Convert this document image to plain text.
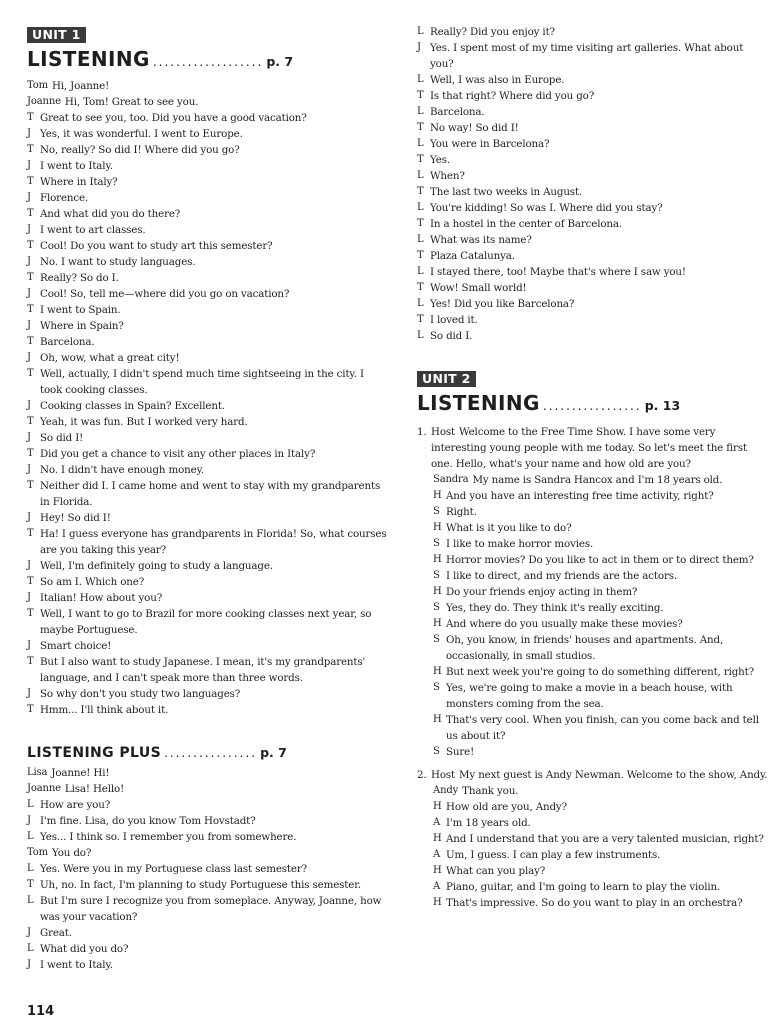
UNIT 1
LISTENING ................... p. 7
Tom Hi, Joanne!
Joanne Hi, Tom! Great to see you.
T Great to see you, too. Did you have a good vacation?
J Yes, it was wonderful. I went to Europe.
T No, really? So did I! Where did you go?
J I went to Italy.
T Where in Italy?
J Florence.
T And what did you do there?
J I went to art classes.
T Cool! Do you want to study art this semester?
J No. I want to study languages.
T Really? So do I.
J Cool! So, tell me—where did you go on vacation?
T I went to Spain.
J Where in Spain?
T Barcelona.
J Oh, wow, what a great city!
T Well, actually, I didn't spend much time sightseeing in the city. I took cooking classes.
J Cooking classes in Spain? Excellent.
T Yeah, it was fun. But I worked very hard.
J So did I!
T Did you get a chance to visit any other places in Italy?
J No. I didn't have enough money.
T Neither did I. I came home and went to stay with my grandparents in Florida.
J Hey! So did I!
T Ha! I guess everyone has grandparents in Florida! So, what courses are you taking this year?
J Well, I'm definitely going to study a language.
T So am I. Which one?
J Italian! How about you?
T Well, I want to go to Brazil for more cooking classes next year, so maybe Portuguese.
J Smart choice!
T But I also want to study Japanese. I mean, it's my grandparents' language, and I can't speak more than three words.
J So why don't you study two languages?
T Hmm... I'll think about it.
LISTENING PLUS ................ p. 7
Lisa Joanne! Hi!
Joanne Lisa! Hello!
L How are you?
J I'm fine. Lisa, do you know Tom Hovstadt?
L Yes... I think so. I remember you from somewhere.
Tom You do?
L Yes. Were you in my Portuguese class last semester?
T Uh, no. In fact, I'm planning to study Portuguese this semester.
L But I'm sure I recognize you from someplace. Anyway, Joanne, how was your vacation?
J Great.
L What did you do?
J I went to Italy.
L Really? Did you enjoy it?
J Yes. I spent most of my time visiting art galleries. What about you?
L Well, I was also in Europe.
T Is that right? Where did you go?
L Barcelona.
T No way! So did I!
L You were in Barcelona?
T Yes.
L When?
T The last two weeks in August.
L You're kidding! So was I. Where did you stay?
T In a hostel in the center of Barcelona.
L What was its name?
T Plaza Catalunya.
L I stayed there, too! Maybe that's where I saw you!
T Wow! Small world!
L Yes! Did you like Barcelona?
T I loved it.
L So did I.
UNIT 2
LISTENING ................. p. 13
1. Host Welcome to the Free Time Show. I have some very interesting young people with me today. So let's meet the first one. Hello, what's your name and how old are you?
Sandra My name is Sandra Hancox and I'm 18 years old.
H And you have an interesting free time activity, right?
S Right.
H What is it you like to do?
S I like to make horror movies.
H Horror movies? Do you like to act in them or to direct them?
S I like to direct, and my friends are the actors.
H Do your friends enjoy acting in them?
S Yes, they do. They think it's really exciting.
H And where do you usually make these movies?
S Oh, you know, in friends' houses and apartments. And, occasionally, in small studios.
H But next week you're going to do something different, right?
S Yes, we're going to make a movie in a beach house, with monsters coming from the sea.
H That's very cool. When you finish, can you come back and tell us about it?
S Sure!
2. Host My next guest is Andy Newman. Welcome to the show, Andy.
Andy Thank you.
H How old are you, Andy?
A I'm 18 years old.
H And I understand that you are a very talented musician, right?
A Um, I guess. I can play a few instruments.
H What can you play?
A Piano, guitar, and I'm going to learn to play the violin.
H That's impressive. So do you want to play in an orchestra?
114
